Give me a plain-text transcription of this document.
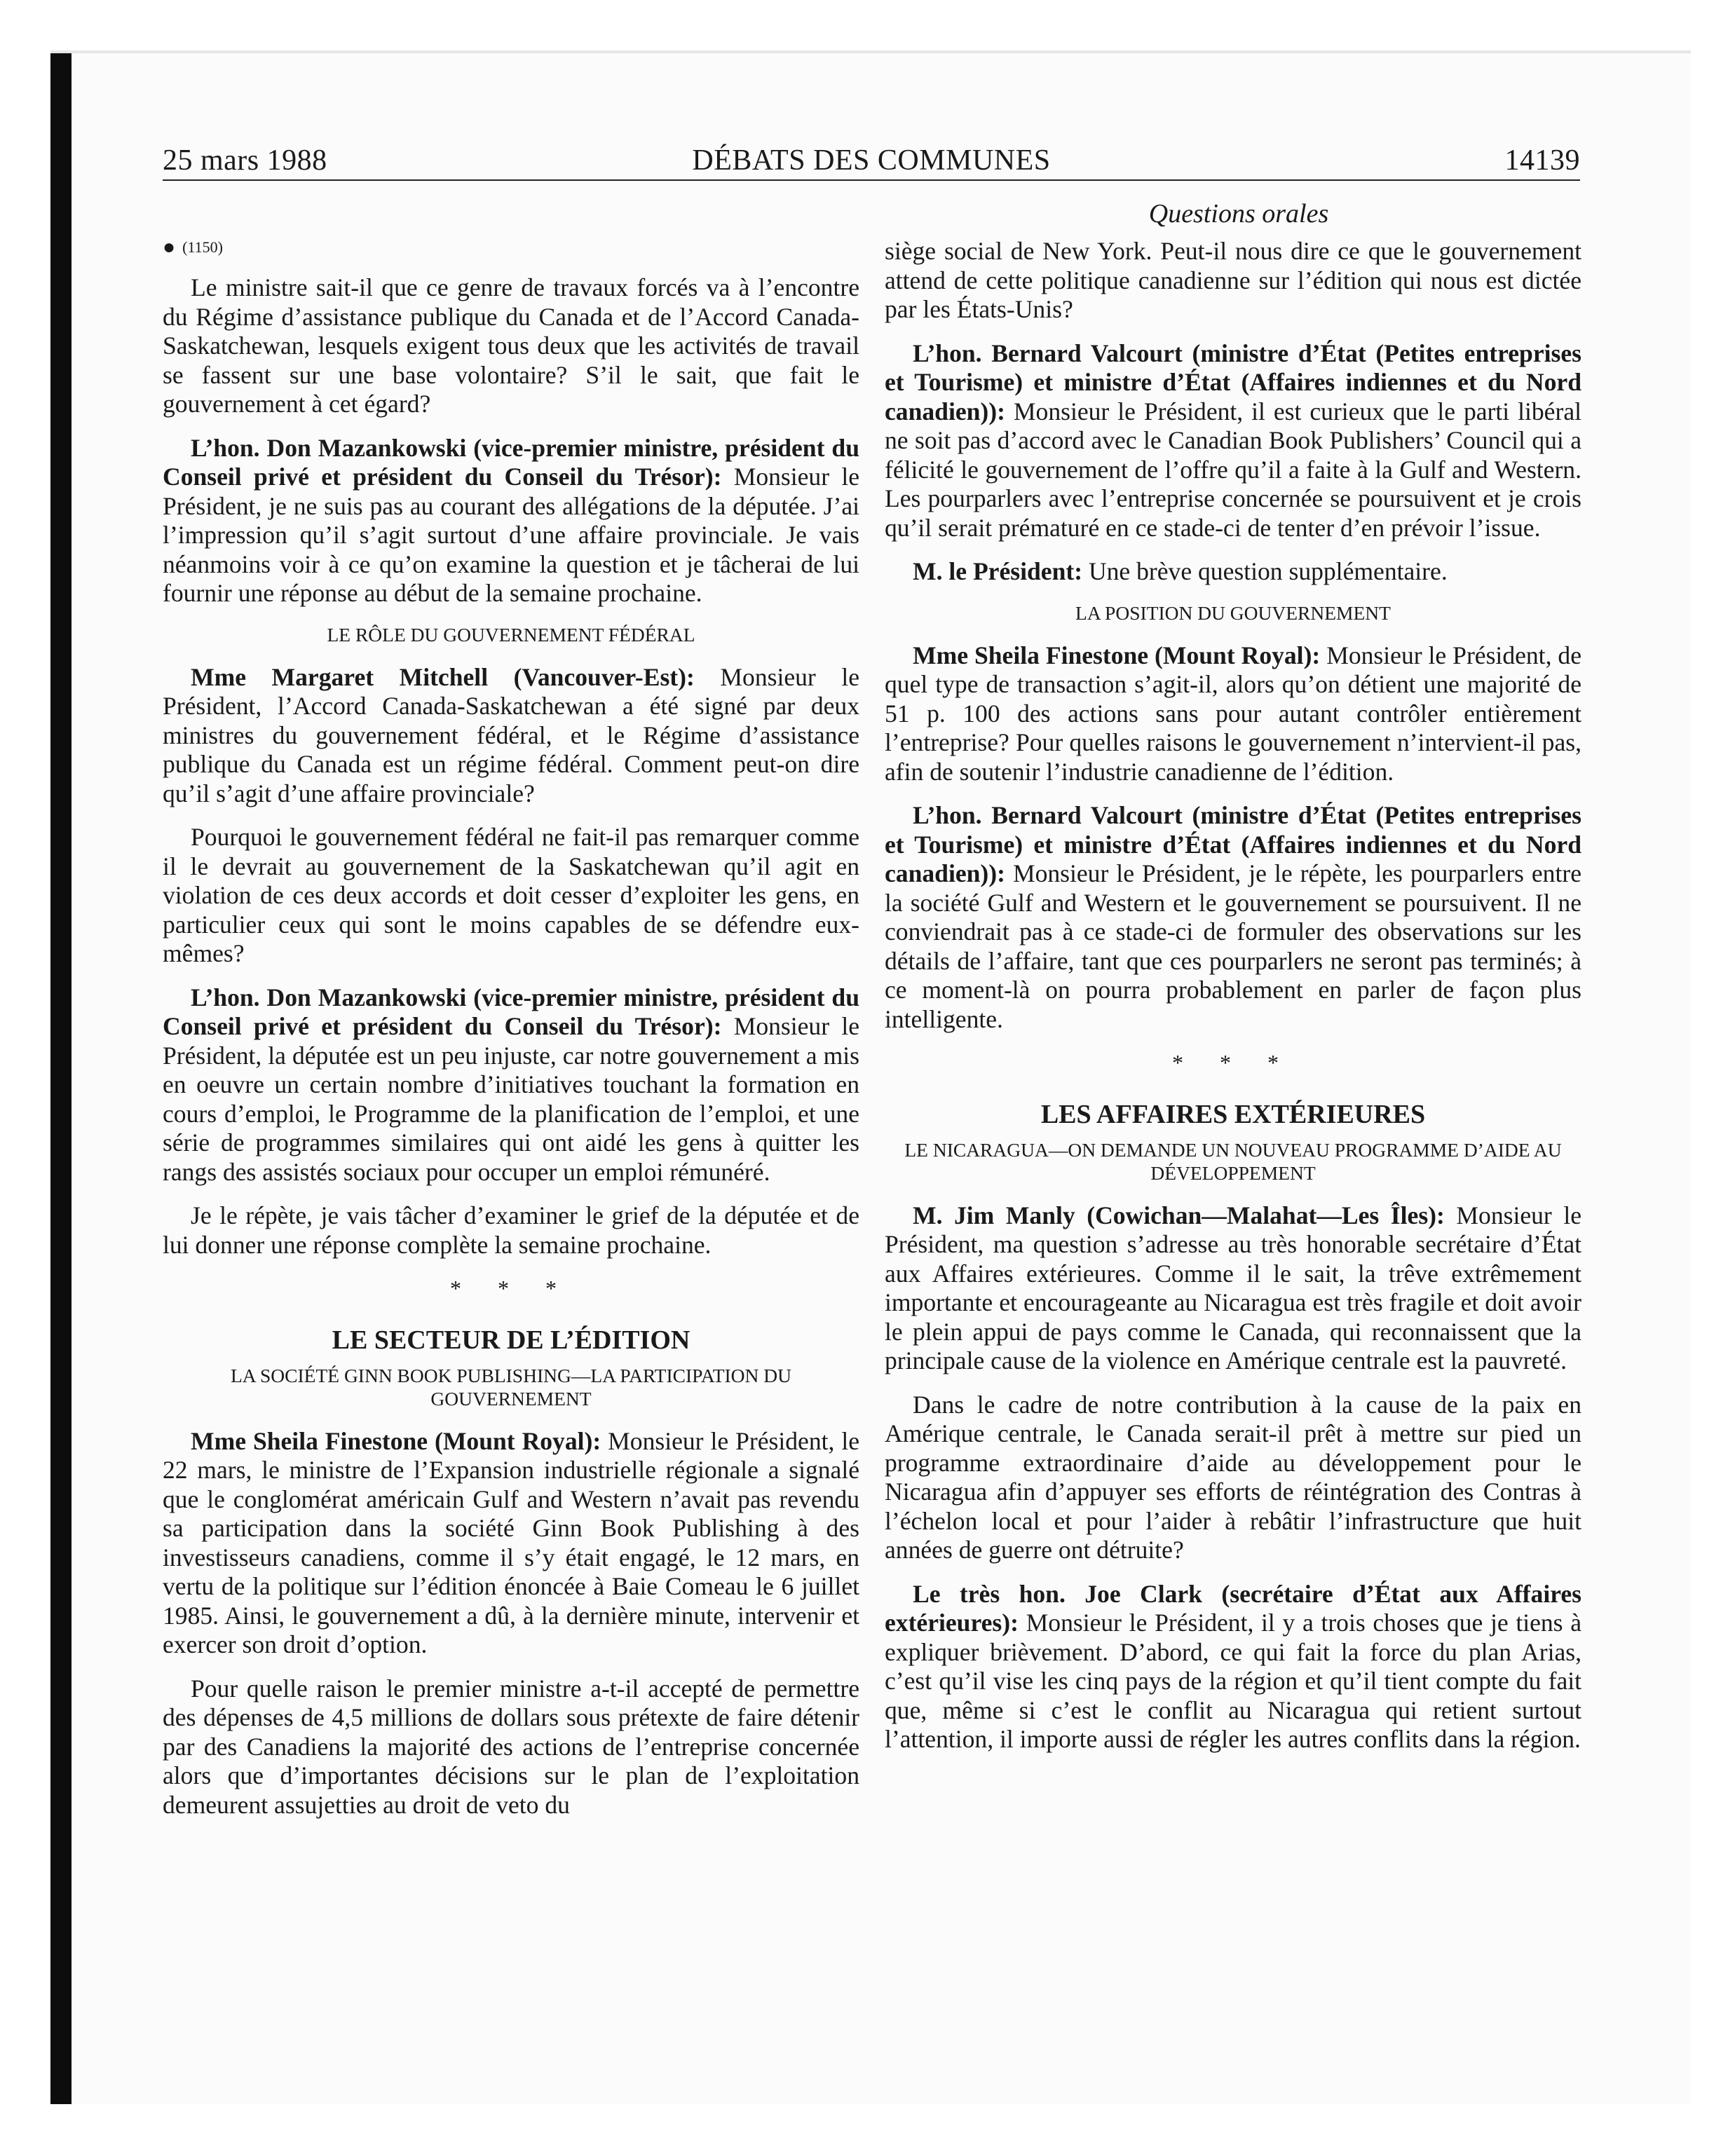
25 mars 1988	DÉBATS DES COMMUNES	14139
Questions orales
● (1150)

Le ministre sait-il que ce genre de travaux forcés va à l’encontre du Régime d’assistance publique du Canada et de l’Accord Canada-Saskatchewan, lesquels exigent tous deux que les activités de travail se fassent sur une base volontaire? S’il le sait, que fait le gouvernement à cet égard?

L’hon. Don Mazankowski (vice-premier ministre, président du Conseil privé et président du Conseil du Trésor): Monsieur le Président, je ne suis pas au courant des allégations de la députée. J’ai l’impression qu’il s’agit surtout d’une affaire provinciale. Je vais néanmoins voir à ce qu’on examine la question et je tâcherai de lui fournir une réponse au début de la semaine prochaine.

LE RÔLE DU GOUVERNEMENT FÉDÉRAL

Mme Margaret Mitchell (Vancouver-Est): Monsieur le Président, l’Accord Canada-Saskatchewan a été signé par deux ministres du gouvernement fédéral, et le Régime d’assistance publique du Canada est un régime fédéral. Comment peut-on dire qu’il s’agit d’une affaire provinciale?

Pourquoi le gouvernement fédéral ne fait-il pas remarquer comme il le devrait au gouvernement de la Saskatchewan qu’il agit en violation de ces deux accords et doit cesser d’exploiter les gens, en particulier ceux qui sont le moins capables de se défendre eux-mêmes?

L’hon. Don Mazankowski (vice-premier ministre, président du Conseil privé et président du Conseil du Trésor): Monsieur le Président, la députée est un peu injuste, car notre gouvernement a mis en oeuvre un certain nombre d’initiatives touchant la formation en cours d’emploi, le Programme de la planification de l’emploi, et une série de programmes similaires qui ont aidé les gens à quitter les rangs des assistés sociaux pour occuper un emploi rémunéré.

Je le répète, je vais tâcher d’examiner le grief de la députée et de lui donner une réponse complète la semaine prochaine.

* * *
LE SECTEUR DE L’ÉDITION
LA SOCIÉTÉ GINN BOOK PUBLISHING—LA PARTICIPATION DU GOUVERNEMENT

Mme Sheila Finestone (Mount Royal): Monsieur le Président, le 22 mars, le ministre de l’Expansion industrielle régionale a signalé que le conglomérat américain Gulf and Western n’avait pas revendu sa participation dans la société Ginn Book Publishing à des investisseurs canadiens, comme il s’y était engagé, le 12 mars, en vertu de la politique sur l’édition énoncée à Baie Comeau le 6 juillet 1985. Ainsi, le gouvernement a dû, à la dernière minute, intervenir et exercer son droit d’option.

Pour quelle raison le premier ministre a-t-il accepté de permettre des dépenses de 4,5 millions de dollars sous prétexte de faire détenir par des Canadiens la majorité des actions de l’entreprise concernée alors que d’importantes décisions sur le plan de l’exploitation demeurent assujetties au droit de veto du

siège social de New York. Peut-il nous dire ce que le gouvernement attend de cette politique canadienne sur l’édition qui nous est dictée par les États-Unis?

L’hon. Bernard Valcourt (ministre d’État (Petites entreprises et Tourisme) et ministre d’État (Affaires indiennes et du Nord canadien)): Monsieur le Président, il est curieux que le parti libéral ne soit pas d’accord avec le Canadian Book Publishers’ Council qui a félicité le gouvernement de l’offre qu’il a faite à la Gulf and Western. Les pourparlers avec l’entreprise concernée se poursuivent et je crois qu’il serait prématuré en ce stade-ci de tenter d’en prévoir l’issue.

M. le Président: Une brève question supplémentaire.

LA POSITION DU GOUVERNEMENT

Mme Sheila Finestone (Mount Royal): Monsieur le Président, de quel type de transaction s’agit-il, alors qu’on détient une majorité de 51 p. 100 des actions sans pour autant contrôler entièrement l’entreprise? Pour quelles raisons le gouvernement n’intervient-il pas, afin de soutenir l’industrie canadienne de l’édition.

L’hon. Bernard Valcourt (ministre d’État (Petites entreprises et Tourisme) et ministre d’État (Affaires indiennes et du Nord canadien)): Monsieur le Président, je le répète, les pourparlers entre la société Gulf and Western et le gouvernement se poursuivent. Il ne conviendrait pas à ce stade-ci de formuler des observations sur les détails de l’affaire, tant que ces pourparlers ne seront pas terminés; à ce moment-là on pourra probablement en parler de façon plus intelligente.

* * *
LES AFFAIRES EXTÉRIEURES
LE NICARAGUA—ON DEMANDE UN NOUVEAU PROGRAMME D’AIDE AU DÉVELOPPEMENT

M. Jim Manly (Cowichan—Malahat—Les Îles): Monsieur le Président, ma question s’adresse au très honorable secrétaire d’État aux Affaires extérieures. Comme il le sait, la trêve extrêmement importante et encourageante au Nicaragua est très fragile et doit avoir le plein appui de pays comme le Canada, qui reconnaissent que la principale cause de la violence en Amérique centrale est la pauvreté.

Dans le cadre de notre contribution à la cause de la paix en Amérique centrale, le Canada serait-il prêt à mettre sur pied un programme extraordinaire d’aide au développement pour le Nicaragua afin d’appuyer ses efforts de réintégration des Contras à l’échelon local et pour l’aider à rebâtir l’infrastructure que huit années de guerre ont détruite?

Le très hon. Joe Clark (secrétaire d’État aux Affaires extérieures): Monsieur le Président, il y a trois choses que je tiens à expliquer brièvement. D’abord, ce qui fait la force du plan Arias, c’est qu’il vise les cinq pays de la région et qu’il tient compte du fait que, même si c’est le conflit au Nicaragua qui retient surtout l’attention, il importe aussi de régler les autres conflits dans la région.
